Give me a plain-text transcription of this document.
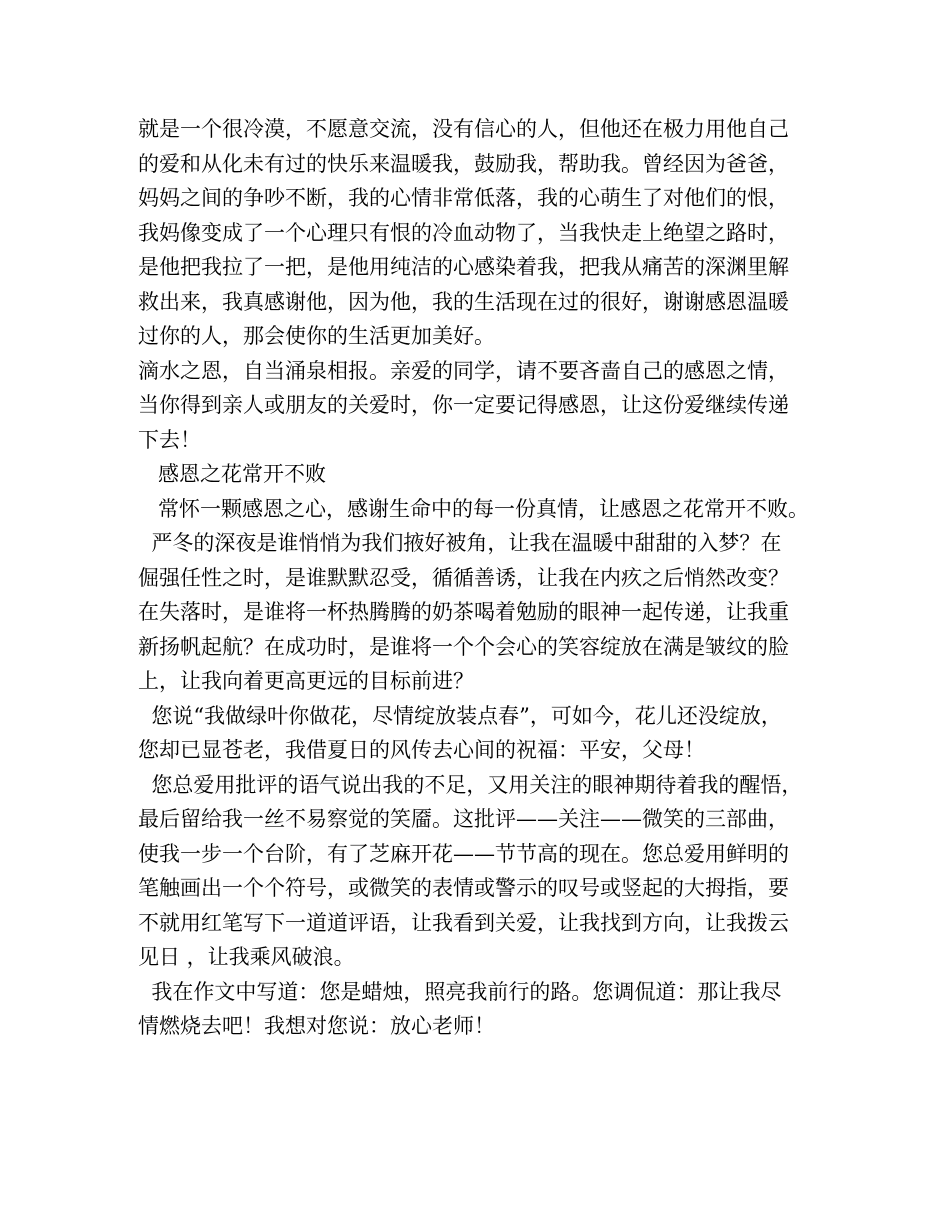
就是一个很冷漠，不愿意交流，没有信心的人，但他还在极力用他自己
的爱和从化未有过的快乐来温暖我，鼓励我，帮助我。曾经因为爸爸，
妈妈之间的争吵不断，我的心情非常低落，我的心萌生了对他们的恨，
我妈像变成了一个心理只有恨的冷血动物了，当我快走上绝望之路时，
是他把我拉了一把，是他用纯洁的心感染着我，把我从痛苦的深渊里解
救出来，我真感谢他，因为他，我的生活现在过的很好，谢谢感恩温暖
过你的人，那会使你的生活更加美好。
滴水之恩，自当涌泉相报。亲爱的同学，请不要吝啬自己的感恩之情，
当你得到亲人或朋友的关爱时，你一定要记得感恩，让这份爱继续传递
下去！
感恩之花常开不败
常怀一颗感恩之心，感谢生命中的每一份真情，让感恩之花常开不败。
严冬的深夜是谁悄悄为我们掖好被角，让我在温暖中甜甜的入梦？在
倔强任性之时，是谁默默忍受，循循善诱，让我在内疚之后悄然改变？
在失落时，是谁将一杯热腾腾的奶茶喝着勉励的眼神一起传递，让我重
新扬帆起航？在成功时，是谁将一个个会心的笑容绽放在满是皱纹的脸
上，让我向着更高更远的目标前进？
您说“我做绿叶你做花，尽情绽放装点春”，可如今，花儿还没绽放，
您却已显苍老，我借夏日的风传去心间的祝福：平安，父母！
您总爱用批评的语气说出我的不足，又用关注的眼神期待着我的醒悟，
最后留给我一丝不易察觉的笑靥。这批评——关注——微笑的三部曲，
使我一步一个台阶，有了芝麻开花——节节高的现在。您总爱用鲜明的
笔触画出一个个符号，或微笑的表情或警示的叹号或竖起的大拇指，要
不就用红笔写下一道道评语，让我看到关爱，让我找到方向，让我拨云
见日 ，让我乘风破浪。
我在作文中写道：您是蜡烛，照亮我前行的路。您调侃道：那让我尽
情燃烧去吧！我想对您说：放心老师！
